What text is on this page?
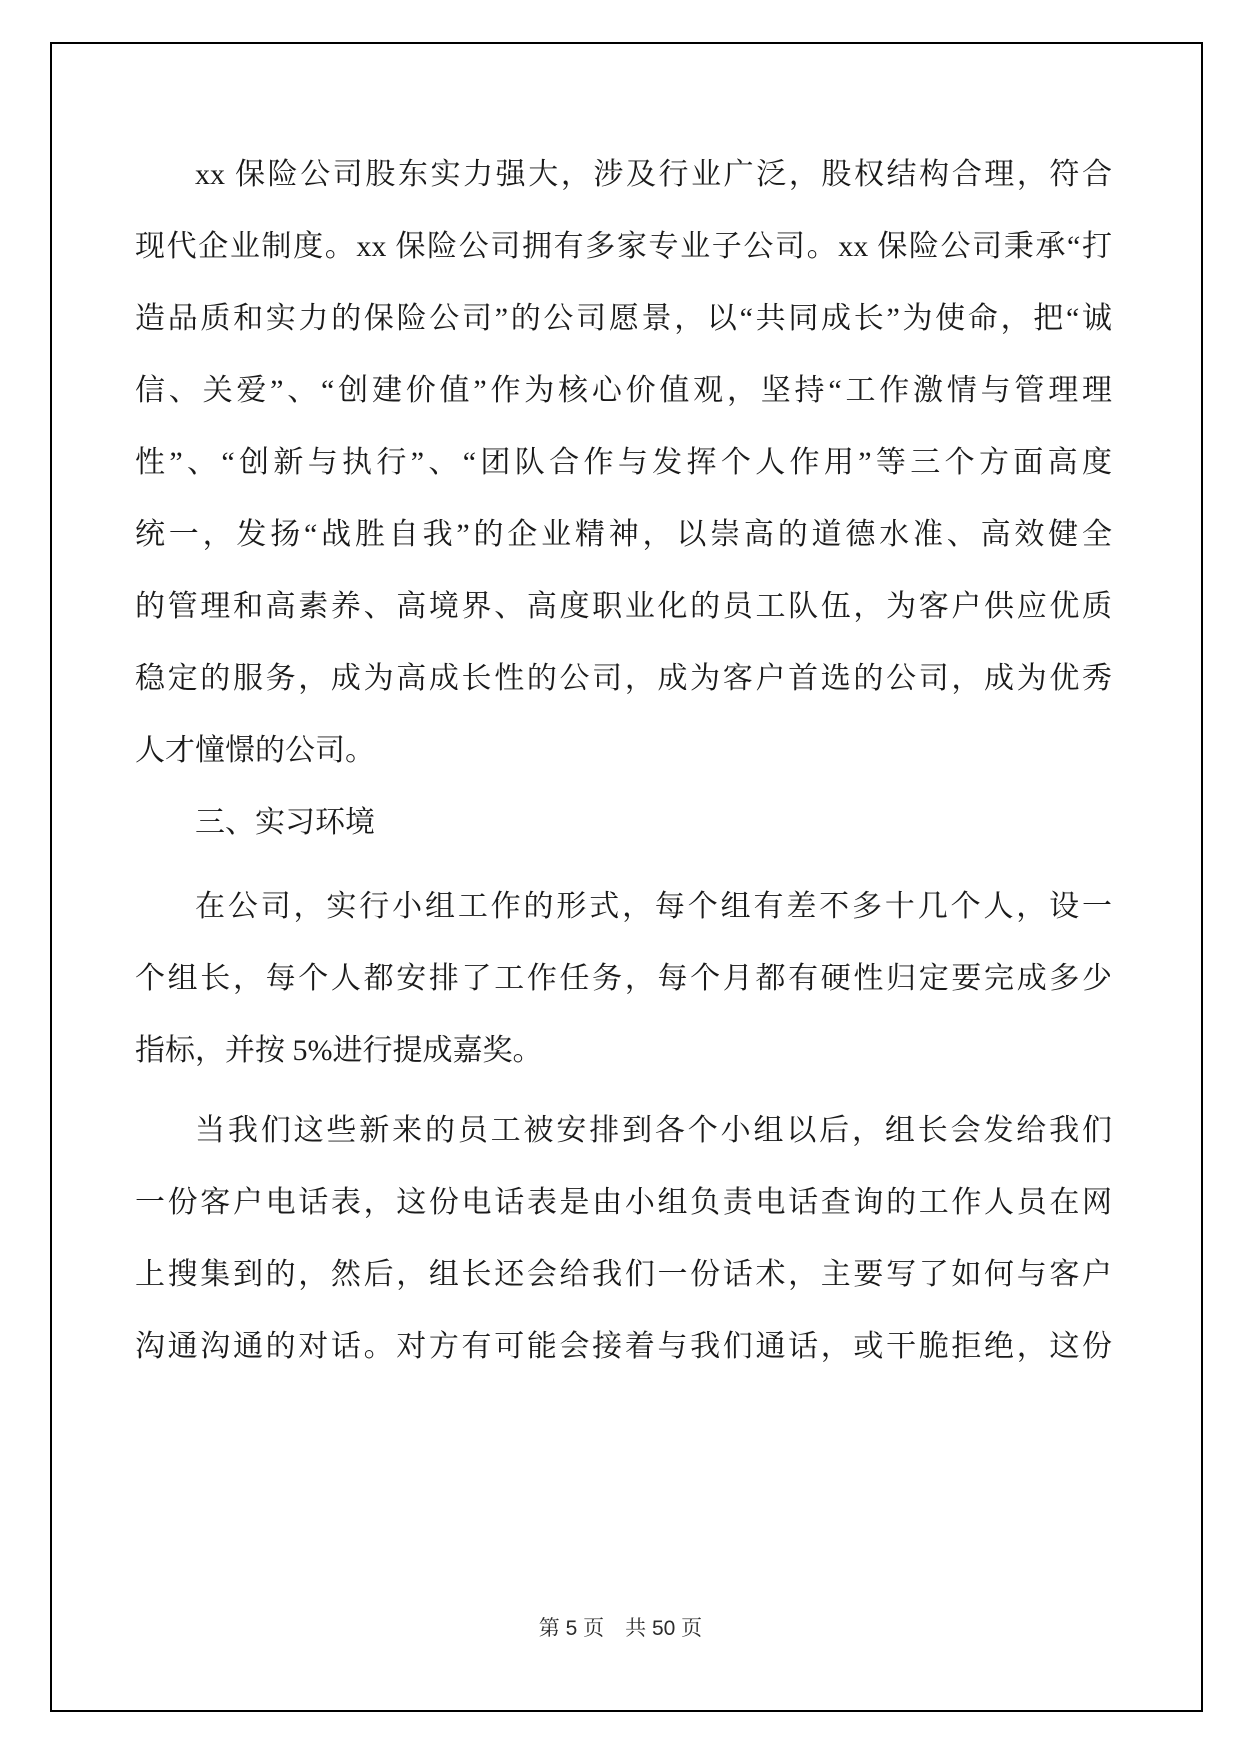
xx 保险公司股东实力强大，涉及行业广泛，股权结构合理，符合
现代企业制度。xx 保险公司拥有多家专业子公司。xx 保险公司秉承“打
造品质和实力的保险公司”的公司愿景，以“共同成长”为使命，把“诚
信、关爱”、“创建价值”作为核心价值观，坚持“工作激情与管理理
性”、“创新与执行”、“团队合作与发挥个人作用”等三个方面高度
统一，发扬“战胜自我”的企业精神，以崇高的道德水准、高效健全
的管理和高素养、高境界、高度职业化的员工队伍，为客户供应优质
稳定的服务，成为高成长性的公司，成为客户首选的公司，成为优秀
人才憧憬的公司。
三、实习环境
在公司，实行小组工作的形式，每个组有差不多十几个人，设一
个组长，每个人都安排了工作任务，每个月都有硬性归定要完成多少
指标，并按 5%进行提成嘉奖。
当我们这些新来的员工被安排到各个小组以后，组长会发给我们
一份客户电话表，这份电话表是由小组负责电话查询的工作人员在网
上搜集到的，然后，组长还会给我们一份话术，主要写了如何与客户
沟通沟通的对话。对方有可能会接着与我们通话，或干脆拒绝，这份
第 5 页　共 50 页
